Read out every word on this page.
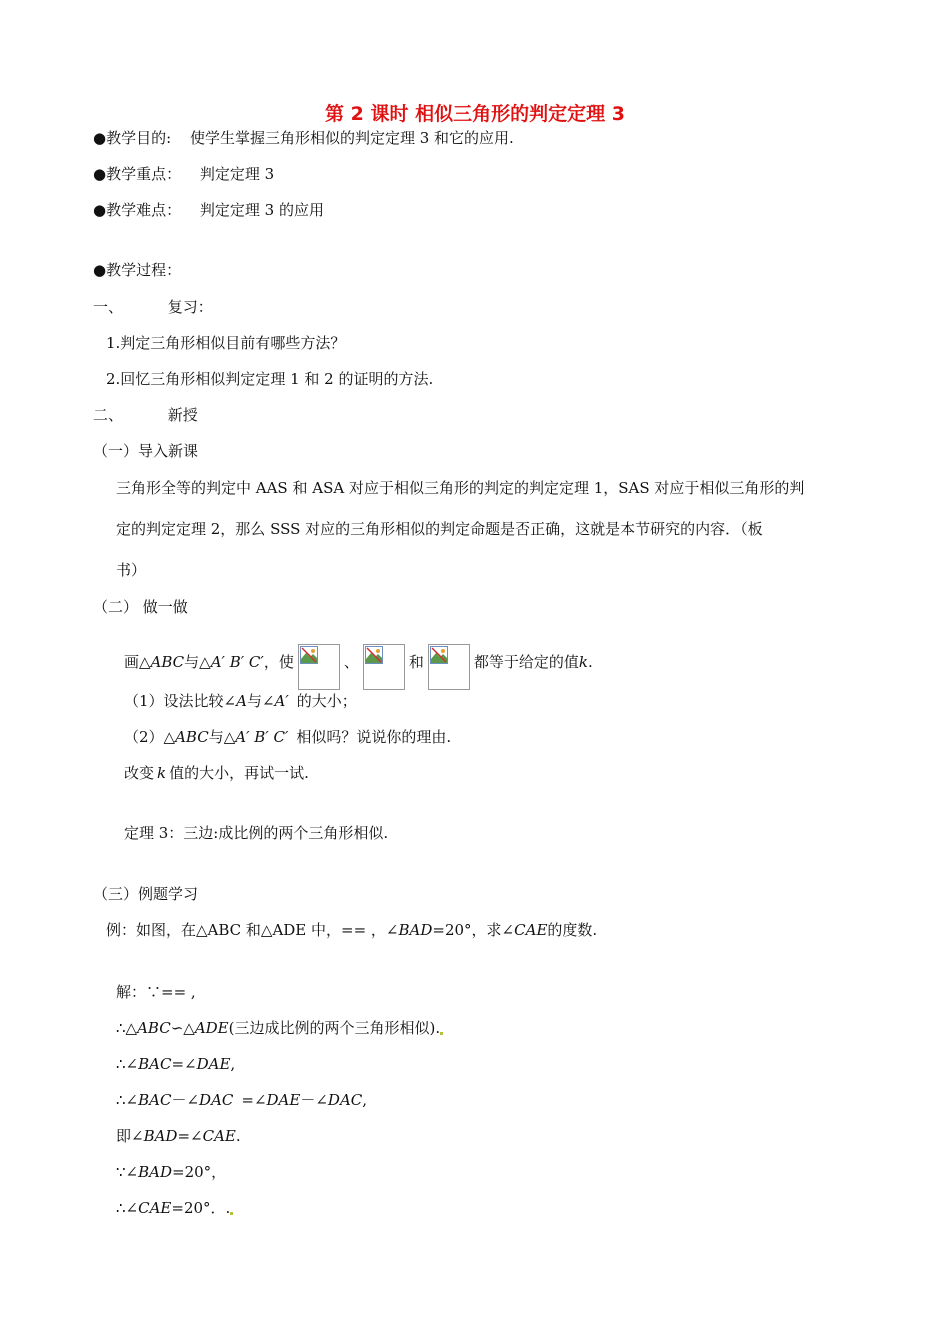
第 2 课时 相似三角形的判定定理 3
●教学目的: 使学生掌握三角形相似的判定定理 3 和它的应用.
●教学重点： 判定定理 3
●教学难点： 判定定理 3 的应用
●教学过程：
一、	复习：
1.判定三角形相似目前有哪些方法？
2.回忆三角形相似判定定理 1 和 2 的证明的方法.
二、	新授
（一）导入新课
三角形全等的判定中 AAS 和 ASA 对应于相似三角形的判定的判定定理 1，SAS 对应于相似三角形的判
定的判定定理 2，那么 SSS 对应的三角形相似的判定命题是否正确，这就是本节研究的内容．（板
书）
（二） 做一做
画△ABC与△A′ B′ C′，使	、	和	都等于给定的值k.
（1）设法比较∠A与∠A′ 的大小；
（2）△ABC与△A′ B′ C′ 相似吗？说说你的理由.
改变 k 值的大小，再试一试.
定理 3：三边:成比例的两个三角形相似.
（三）例题学习
例：如图，在△ABC 和△ADE 中，== ，∠BAD=20°，求∠CAE的度数.
解：∵== ,
∴△ABC∽△ADE(三边成比例的两个三角形相似).
∴∠BAC=∠DAE,
∴∠BAC－∠DAC =∠DAE－∠DAC,
即∠BAD=∠CAE.
∵∠BAD=20°，
∴∠CAE=20°．.
